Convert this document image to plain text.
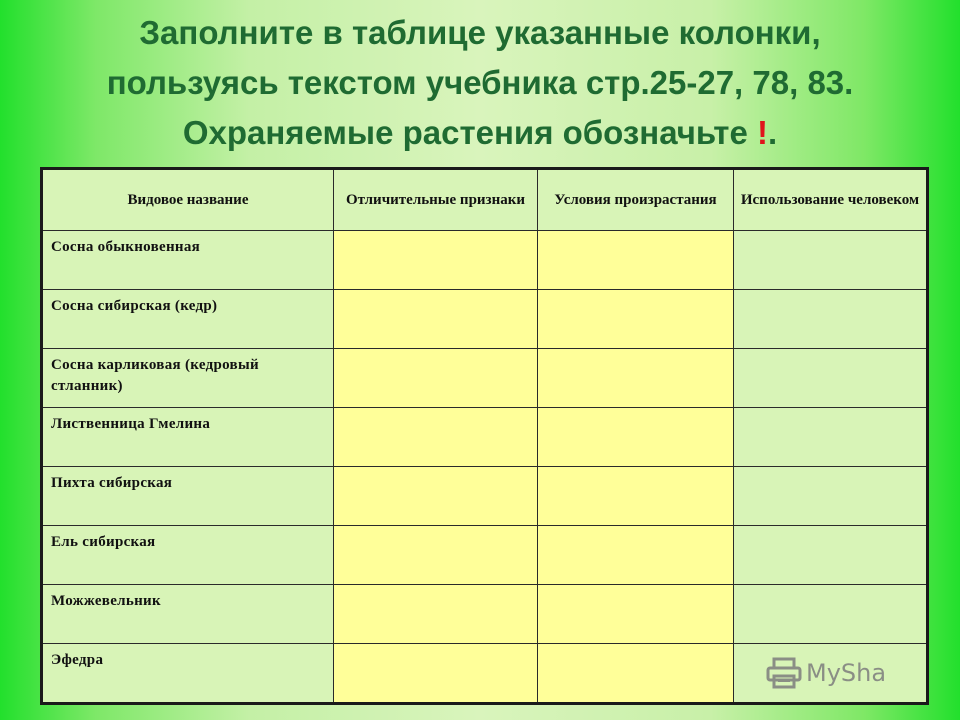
Заполните в таблице указанные колонки,
пользуясь текстом учебника стр.25-27, 78, 83.
Охраняемые растения обозначьте !.
Видовое название	Отличительные признаки	Условия произрастания	Использование человеком
Сосна обыкновенная			
Сосна сибирская (кедр)			
Сосна карликовая (кедровый стланник)			
Лиственница Гмелина			
Пихта сибирская			
Ель сибирская			
Можжевельник			
Эфедра				MySha
